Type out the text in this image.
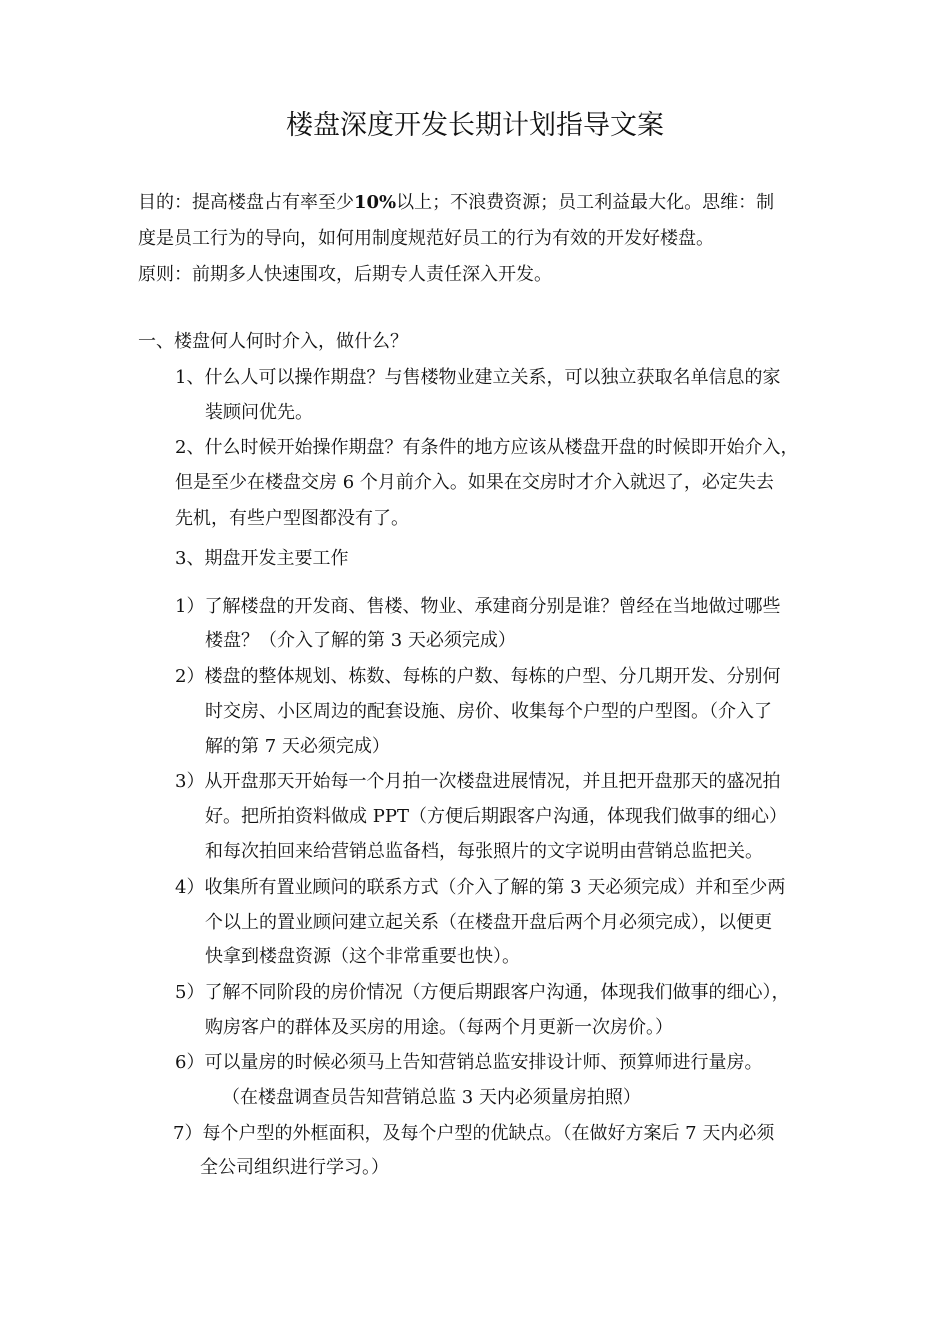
楼盘深度开发长期计划指导文案
目的：提高楼盘占有率至少10%以上；不浪费资源；员工利益最大化。思维：制
度是员工行为的导向，如何用制度规范好员工的行为有效的开发好楼盘。
原则：前期多人快速围攻，后期专人责任深入开发。
一、楼盘何人何时介入，做什么？
1、什么人可以操作期盘？与售楼物业建立关系，可以独立获取名单信息的家
装顾问优先。
2、什么时候开始操作期盘？有条件的地方应该从楼盘开盘的时候即开始介入，
但是至少在楼盘交房 6 个月前介入。如果在交房时才介入就迟了，必定失去
先机，有些户型图都没有了。
3、期盘开发主要工作
1）了解楼盘的开发商、售楼、物业、承建商分别是谁？曾经在当地做过哪些
楼盘？（介入了解的第 3 天必须完成）
2）楼盘的整体规划、栋数、每栋的户数、每栋的户型、分几期开发、分别何
时交房、小区周边的配套设施、房价、收集每个户型的户型图。（介入了
解的第 7 天必须完成）
3）从开盘那天开始每一个月拍一次楼盘进展情况，并且把开盘那天的盛况拍
好。把所拍资料做成 PPT（方便后期跟客户沟通，体现我们做事的细心）
和每次拍回来给营销总监备档，每张照片的文字说明由营销总监把关。
4）收集所有置业顾问的联系方式（介入了解的第 3 天必须完成）并和至少两
个以上的置业顾问建立起关系（在楼盘开盘后两个月必须完成），以便更
快拿到楼盘资源（这个非常重要也快）。
5）了解不同阶段的房价情况（方便后期跟客户沟通，体现我们做事的细心），
购房客户的群体及买房的用途。（每两个月更新一次房价。）
6）可以量房的时候必须马上告知营销总监安排设计师、预算师进行量房。
（在楼盘调查员告知营销总监 3 天内必须量房拍照）
7）每个户型的外框面积，及每个户型的优缺点。（在做好方案后 7 天内必须
全公司组织进行学习。）
